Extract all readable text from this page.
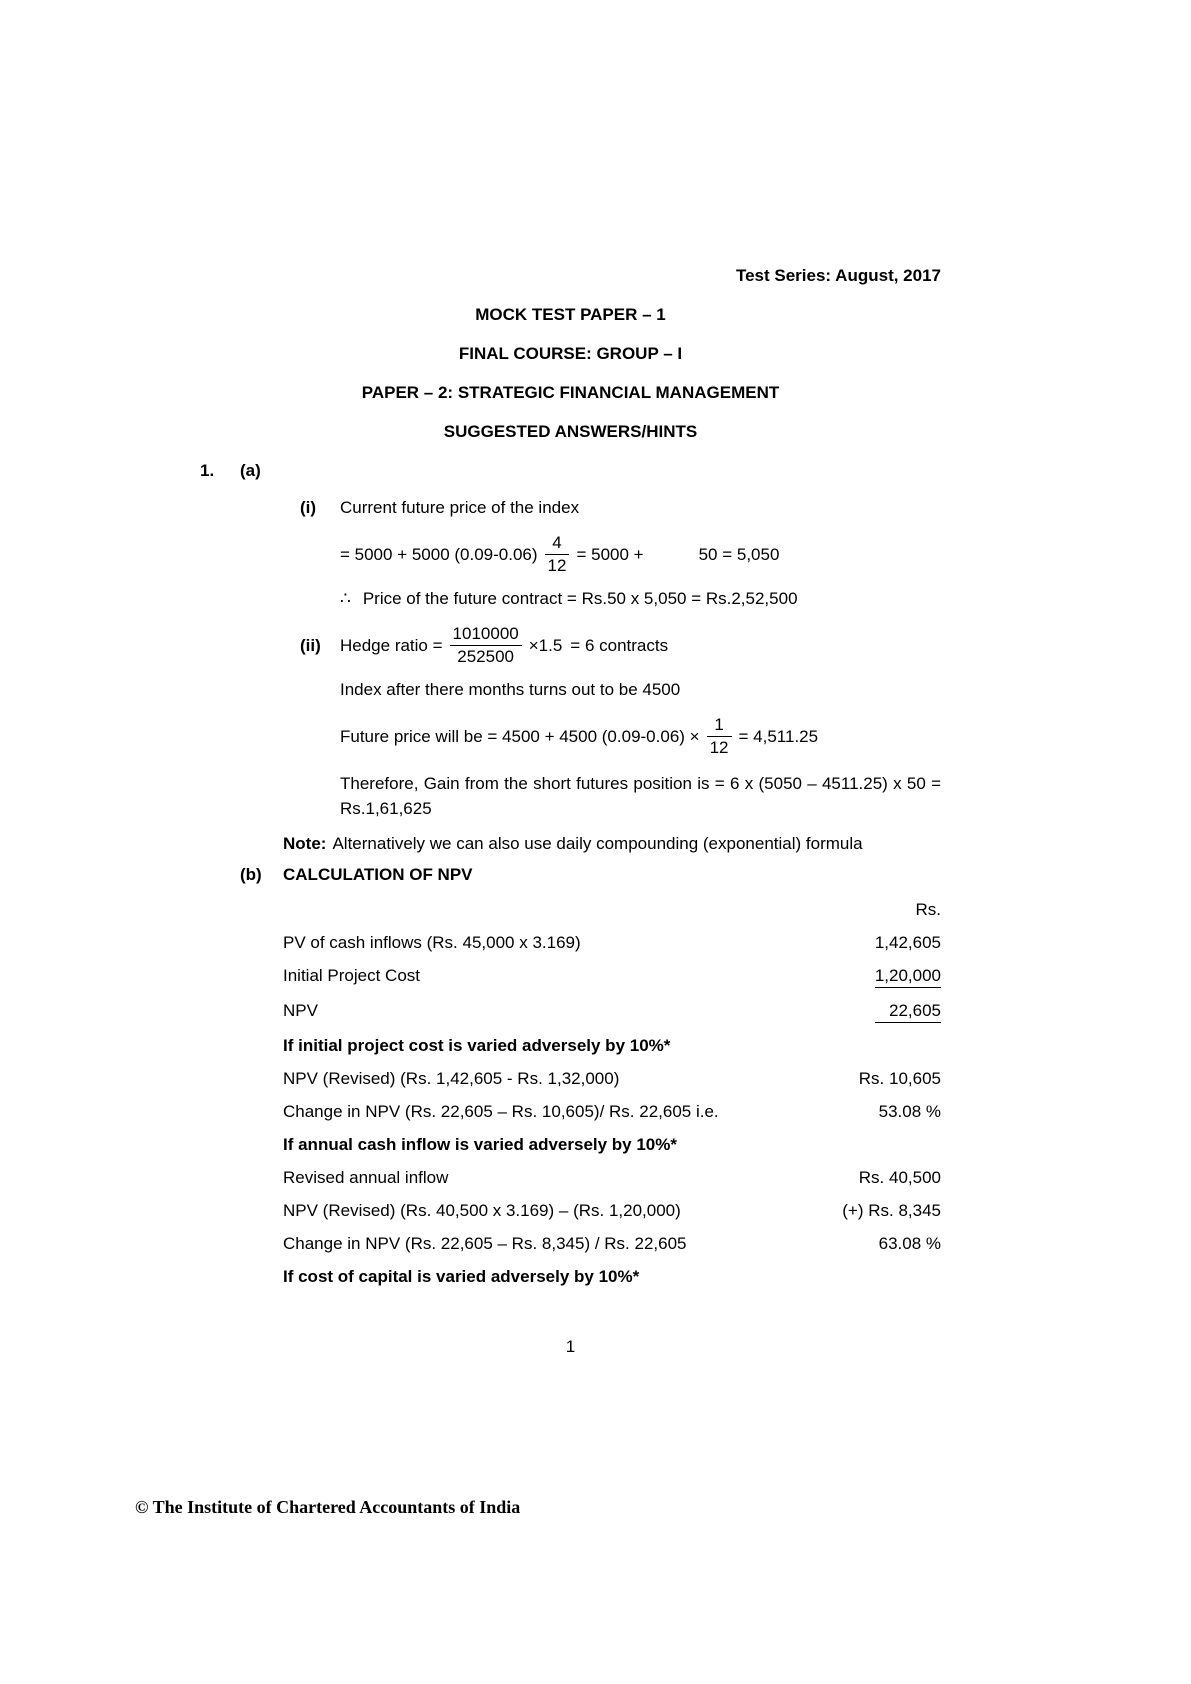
Test Series: August, 2017
MOCK TEST PAPER – 1
FINAL COURSE: GROUP – I
PAPER – 2: STRATEGIC FINANCIAL MANAGEMENT
SUGGESTED ANSWERS/HINTS
1. (a)
(i) Current future price of the index
= 5000 + 5000 $(0.09-0.06) \frac{4}{12} = 5000$ +	50 = 5,050
∴ Price of the future contract = Rs.50 x 5,050 = Rs.2,52,500
(ii) Hedge ratio = $\frac{1010000}{252500} \times 1.5 = 6$ contracts
Index after there months turns out to be 4500
Future price will be = 4500 + 4500 $(0.09-0.06) \times \frac{1}{12} = 4,511.25$
Therefore, Gain from the short futures position is = 6 x (5050 – 4511.25) x 50 = Rs.1,61,625
Note: Alternatively we can also use daily compounding (exponential) formula
(b) CALCULATION OF NPV
Rs.
PV of cash inflows (Rs. 45,000 x 3.169)	1,42,605
Initial Project Cost	1,20,000
NPV	22,605
If initial project cost is varied adversely by 10%*
NPV (Revised) (Rs. 1,42,605 - Rs. 1,32,000)	Rs. 10,605
Change in NPV (Rs. 22,605 – Rs. 10,605)/ Rs. 22,605 i.e.	53.08 %
If annual cash inflow is varied adversely by 10%*
Revised annual inflow	Rs. 40,500
NPV (Revised) (Rs. 40,500 x 3.169) – (Rs. 1,20,000)	(+) Rs. 8,345
Change in NPV (Rs. 22,605 – Rs. 8,345) / Rs. 22,605	63.08 %
If cost of capital is varied adversely by 10%*
1
© The Institute of Chartered Accountants of India
